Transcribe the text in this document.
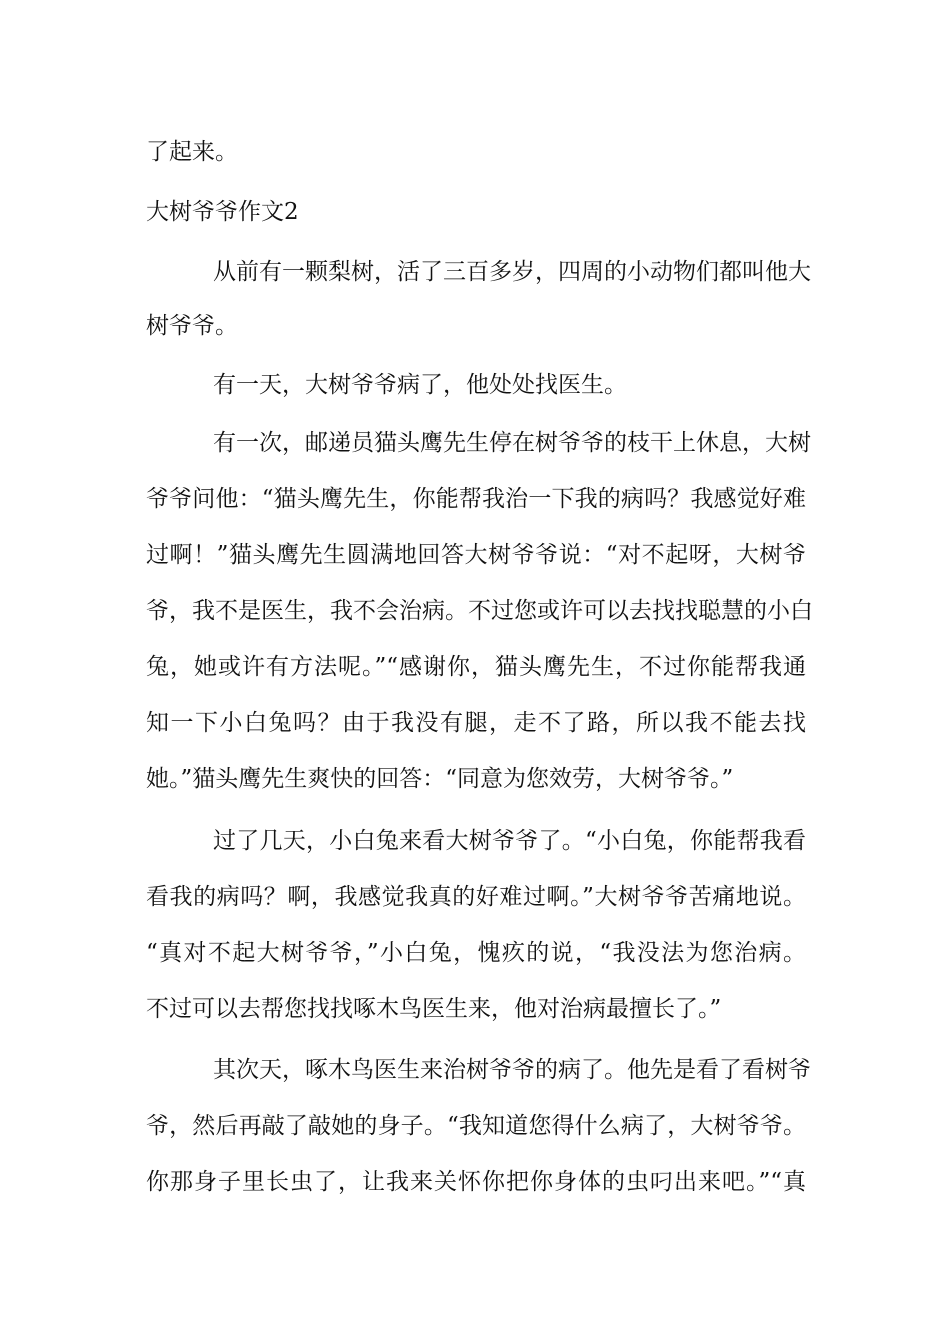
了起来。
大树爷爷作文2
从前有一颗梨树，活了三百多岁，四周的小动物们都叫他大
树爷爷。
有一天，大树爷爷病了，他处处找医生。
有一次，邮递员猫头鹰先生停在树爷爷的枝干上休息，大树
爷爷问他：“猫头鹰先生，你能帮我治一下我的病吗？我感觉好难
过啊！”猫头鹰先生圆满地回答大树爷爷说：“对不起呀，大树爷
爷，我不是医生，我不会治病。不过您或许可以去找找聪慧的小白
兔，她或许有方法呢。”“感谢你，猫头鹰先生，不过你能帮我通
知一下小白兔吗？由于我没有腿，走不了路，所以我不能去找
她。”猫头鹰先生爽快的回答：“同意为您效劳，大树爷爷。”
过了几天，小白兔来看大树爷爷了。“小白兔，你能帮我看
看我的病吗？啊，我感觉我真的好难过啊。”大树爷爷苦痛地说。
“真对不起大树爷爷，”小白兔，愧疚的说，“我没法为您治病。
不过可以去帮您找找啄木鸟医生来，他对治病最擅长了。”
其次天，啄木鸟医生来治树爷爷的病了。他先是看了看树爷
爷，然后再敲了敲她的身子。“我知道您得什么病了，大树爷爷。
你那身子里长虫了，让我来关怀你把你身体的虫叼出来吧。”“真
